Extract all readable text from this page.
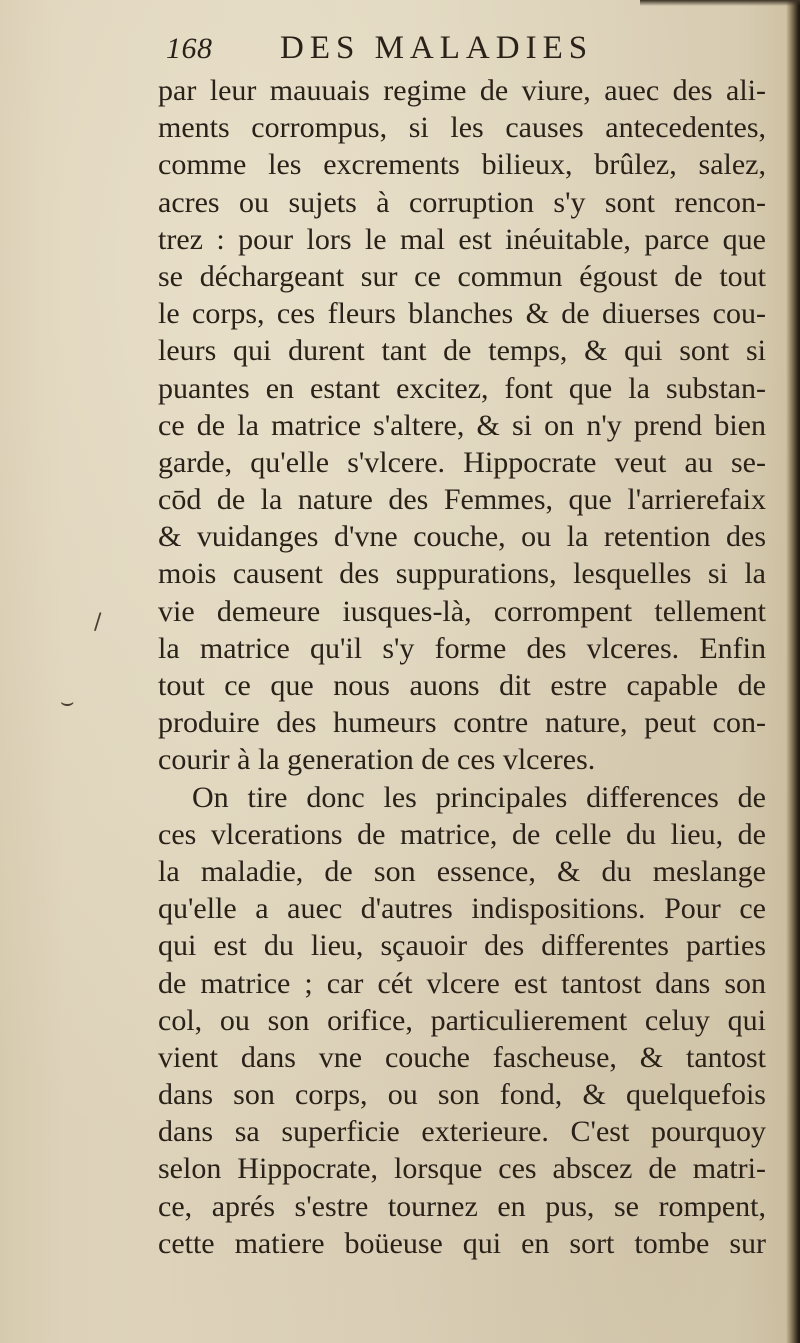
168 DES MALADIES
par leur mauuais regime de viure, auec des ali-
ments corrompus, si les causes antecedentes,
comme les excrements bilieux, brûlez, salez,
acres ou sujets à corruption s'y sont rencon-
trez : pour lors le mal est inéuitable, parce que
se déchargeant sur ce commun égoust de tout
le corps, ces fleurs blanches & de diuerses cou-
leurs qui durent tant de temps, & qui sont si
puantes en estant excitez, font que la substan-
ce de la matrice s'altere, & si on n'y prend bien
garde, qu'elle s'vlcere. Hippocrate veut au se-
cōd de la nature des Femmes, que l'arrierefaix
& vuidanges d'vne couche, ou la retention des
mois causent des suppurations, lesquelles si la
vie demeure iusques-là, corrompent tellement
la matrice qu'il s'y forme des vlceres. Enfin
tout ce que nous auons dit estre capable de
produire des humeurs contre nature, peut con-
courir à la generation de ces vlceres.
On tire donc les principales differences de
ces vlcerations de matrice, de celle du lieu, de
la maladie, de son essence, & du meslange
qu'elle a auec d'autres indispositions. Pour ce
qui est du lieu, sçauoir des differentes parties
de matrice ; car cét vlcere est tantost dans son
col, ou son orifice, particulierement celuy qui
vient dans vne couche fascheuse, & tantost
dans son corps, ou son fond, & quelquefois
dans sa superficie exterieure. C'est pourquoy
selon Hippocrate, lorsque ces abscez de matri-
ce, aprés s'estre tournez en pus, se rompent,
cette matiere boüeuse qui en sort tombe sur
/
⌣
